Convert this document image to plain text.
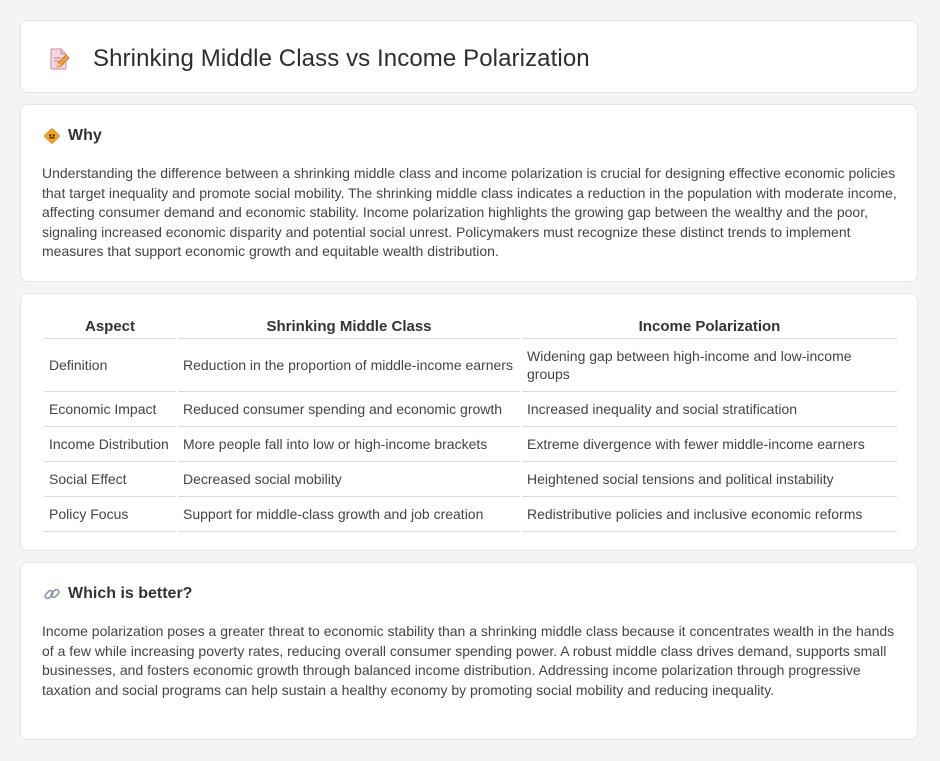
Shrinking Middle Class vs Income Polarization
Why

Understanding the difference between a shrinking middle class and income polarization is crucial for designing effective economic policies that target inequality and promote social mobility. The shrinking middle class indicates a reduction in the population with moderate income, affecting consumer demand and economic stability. Income polarization highlights the growing gap between the wealthy and the poor, signaling increased economic disparity and potential social unrest. Policymakers must recognize these distinct trends to implement measures that support economic growth and equitable wealth distribution.

Aspect	Shrinking Middle Class	Income Polarization
Definition	Reduction in the proportion of middle-income earners	Widening gap between high-income and low-income groups
Economic Impact	Reduced consumer spending and economic growth	Increased inequality and social stratification
Income Distribution	More people fall into low or high-income brackets	Extreme divergence with fewer middle-income earners
Social Effect	Decreased social mobility	Heightened social tensions and political instability
Policy Focus	Support for middle-class growth and job creation	Redistributive policies and inclusive economic reforms
Which is better?

Income polarization poses a greater threat to economic stability than a shrinking middle class because it concentrates wealth in the hands of a few while increasing poverty rates, reducing overall consumer spending power. A robust middle class drives demand, supports small businesses, and fosters economic growth through balanced income distribution. Addressing income polarization through progressive taxation and social programs can help sustain a healthy economy by promoting social mobility and reducing inequality.
